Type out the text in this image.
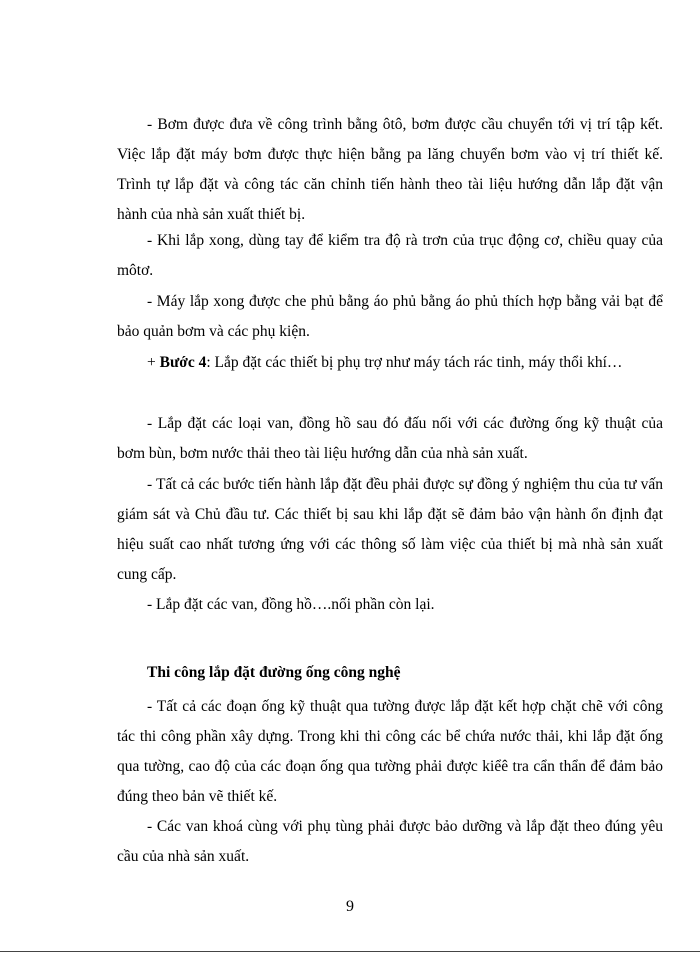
- Bơm được đưa về công trình bằng ôtô, bơm được cầu chuyển tới vị trí tập kết. Việc lắp đặt máy bơm được thực hiện bằng pa lăng chuyển bơm vào vị trí thiết kế. Trình tự lắp đặt và công tác căn chỉnh tiến hành theo tài liệu hướng dẫn lắp đặt vận hành của nhà sản xuất thiết bị.

- Khi lắp xong, dùng tay để kiểm tra độ rà trơn của trục động cơ, chiều quay của môtơ.

- Máy lắp xong được che phủ bằng áo phủ bằng áo phủ thích hợp bằng vải bạt để bảo quản bơm và các phụ kiện.

+ Bước 4: Lắp đặt các thiết bị phụ trợ như máy tách rác tinh, máy thổi khí…

- Lắp đặt các loại van, đồng hồ sau đó đấu nối với các đường ống kỹ thuật của bơm bùn, bơm nước thải theo tài liệu hướng dẫn của nhà sản xuất.

- Tất cả các bước tiến hành lắp đặt đều phải được sự đồng ý nghiệm thu của tư vấn giám sát và Chủ đầu tư. Các thiết bị sau khi lắp đặt sẽ đảm bảo vận hành ổn định đạt hiệu suất cao nhất tương ứng với các thông số làm việc của thiết bị mà nhà sản xuất cung cấp.

- Lắp đặt các van, đồng hồ….nối phần còn lại.

Thi công lắp đặt đường ống công nghệ

- Tất cả các đoạn ống kỹ thuật qua tường được lắp đặt kết hợp chặt chẽ với công tác thi công phần xây dựng. Trong khi thi công các bể chứa nước thải, khi lắp đặt ống qua tường, cao độ của các đoạn ống qua tường phải được kiểê tra cẩn thẩn để đảm bảo đúng theo bản vẽ thiết kế.

- Các van khoá cùng với phụ tùng phải được bảo dưỡng và lắp đặt theo đúng yêu cầu của nhà sản xuất.

9
